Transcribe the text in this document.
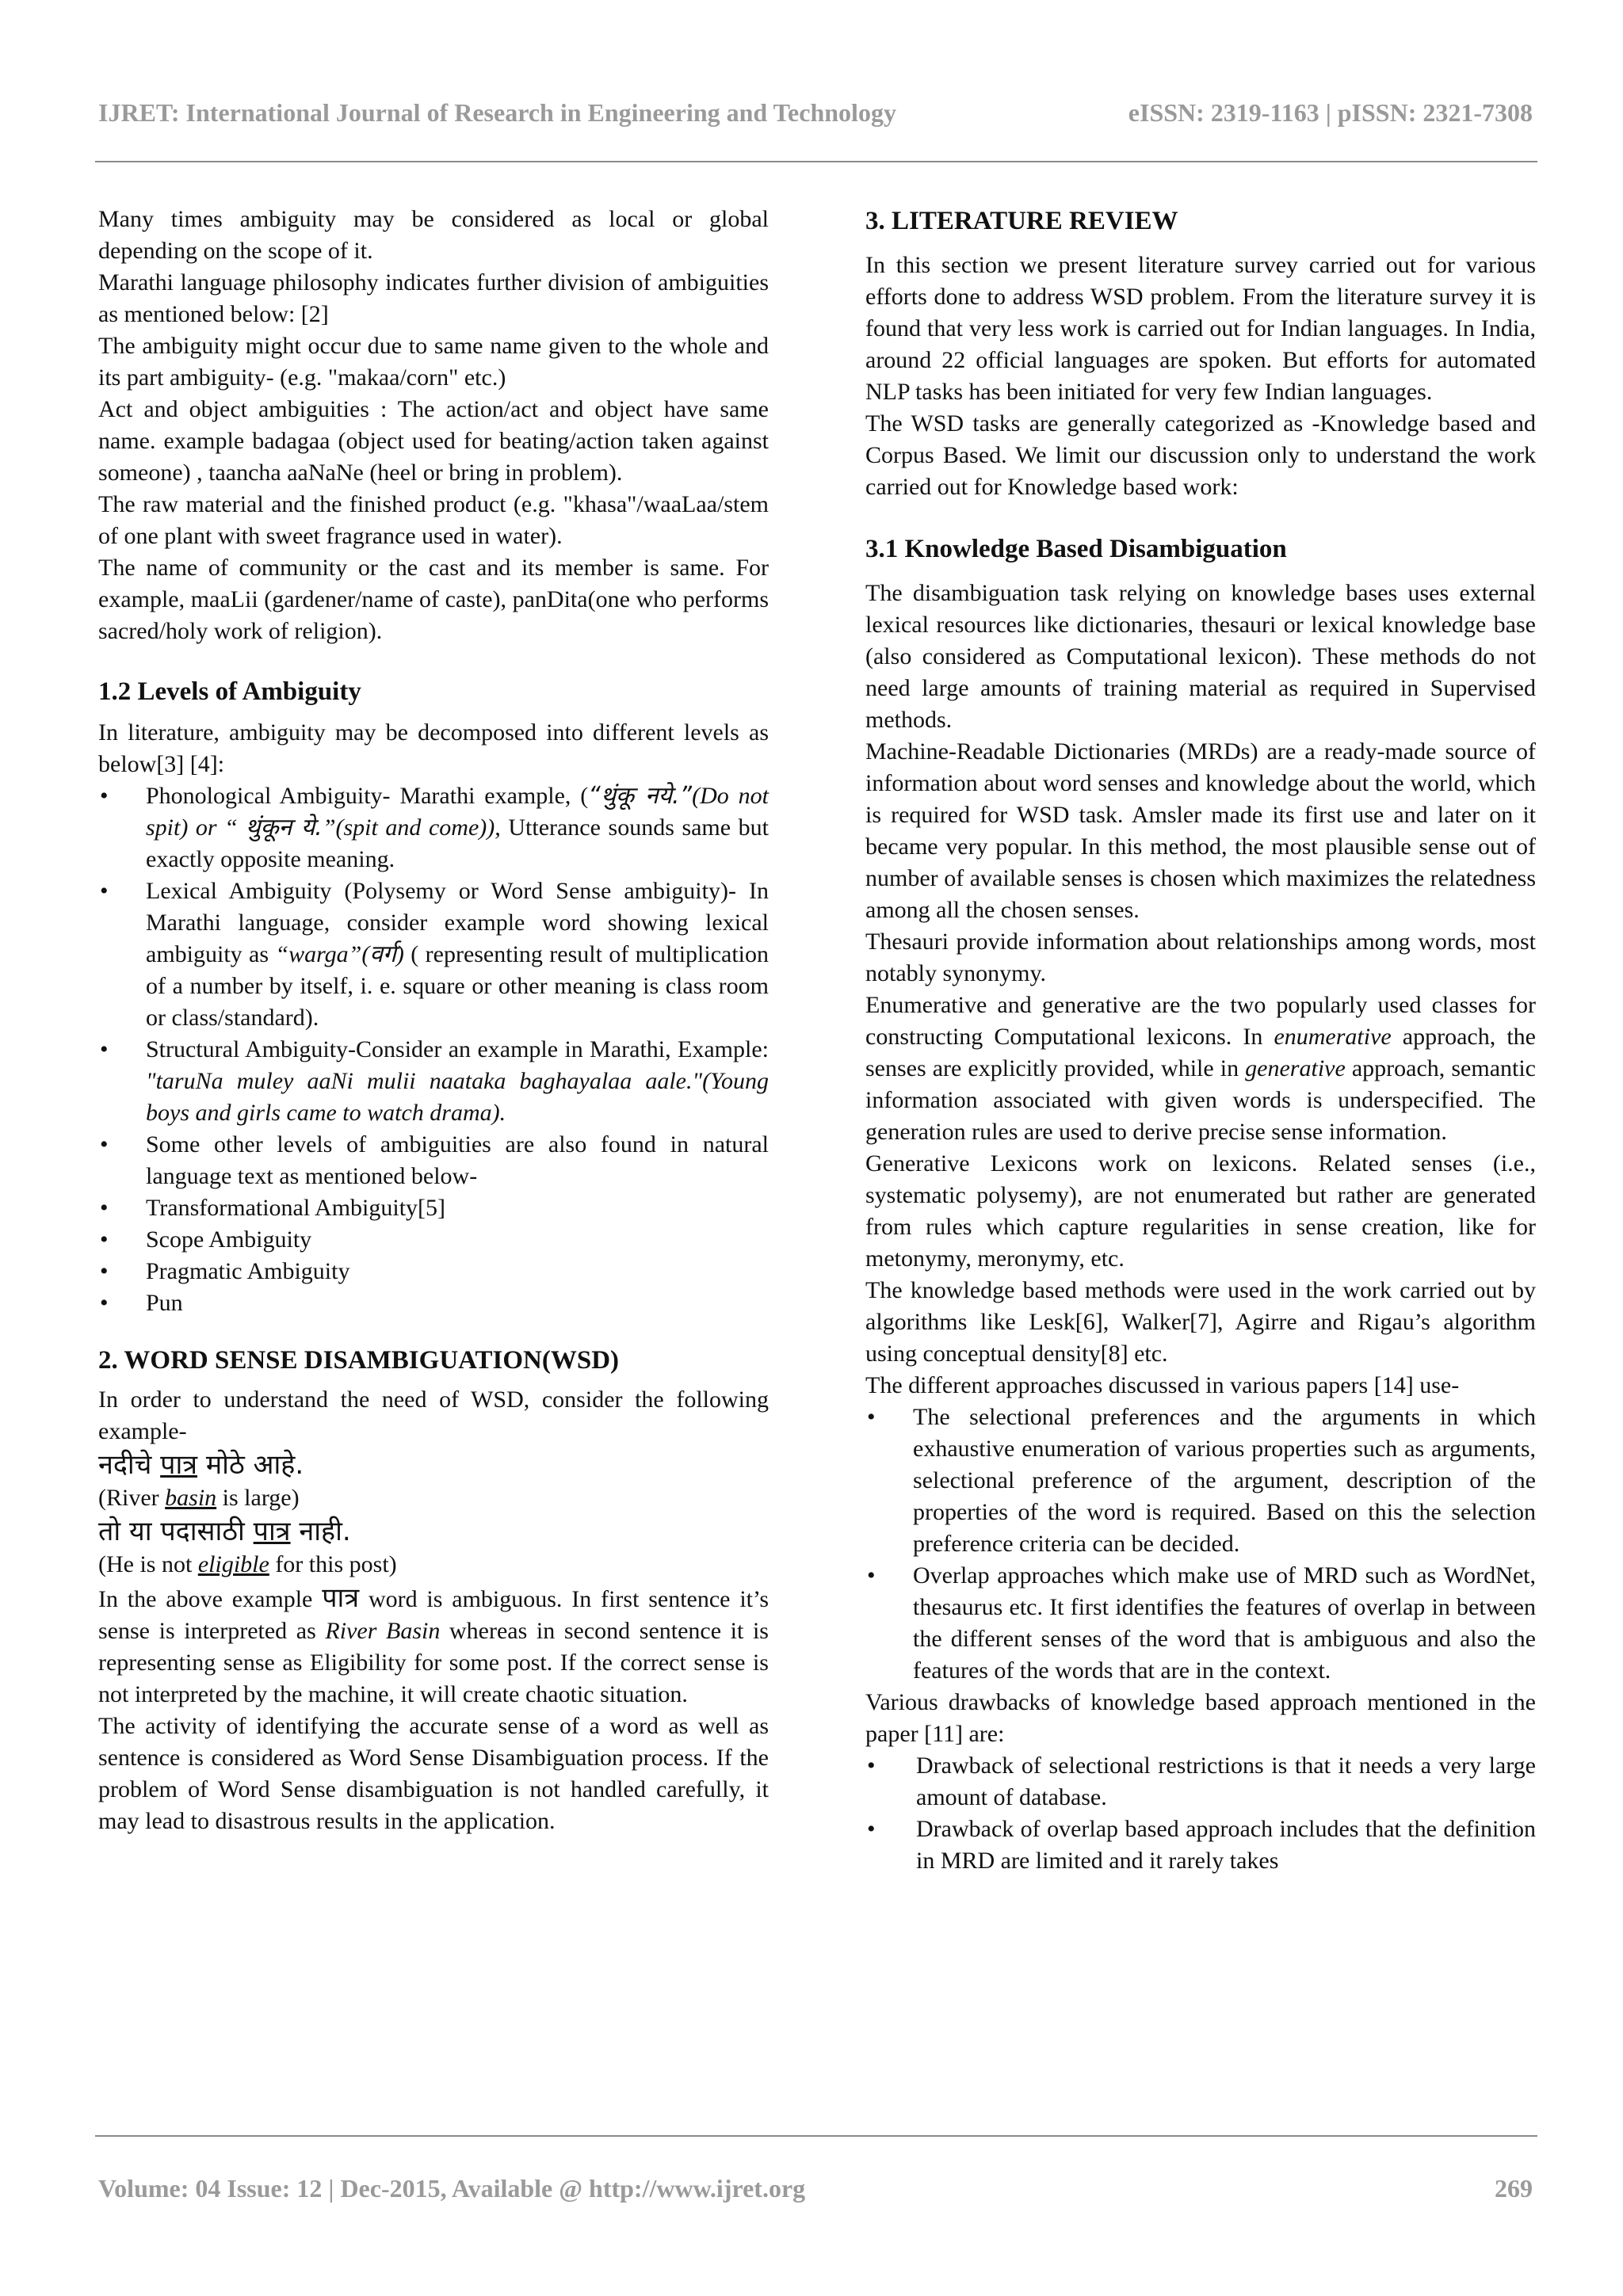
IJRET: International Journal of Research in Engineering and Technology	eISSN: 2319-1163 | pISSN: 2321-7308

Many times ambiguity may be considered as local or global depending on the scope of it.

Marathi language philosophy indicates further division of ambiguities as mentioned below: [2]

The ambiguity might occur due to same name given to the whole and its part ambiguity- (e.g. "makaa/corn" etc.)

Act and object ambiguities : The action/act and object have same name. example badagaa (object used for beating/action taken against someone) , taancha aaNaNe (heel or bring in problem).

The raw material and the finished product (e.g. "khasa"/waaLaa/stem of one plant with sweet fragrance used in water).

The name of community or the cast and its member is same. For example, maaLii (gardener/name of caste), panDita(one who performs sacred/holy work of religion).

1.2 Levels of Ambiguity

In literature, ambiguity may be decomposed into different levels as below[3] [4]:

• Phonological Ambiguity- Marathi example, (“थुंकू नये.”(Do not spit) or “ थुंकून ये.”(spit and come)), Utterance sounds same but exactly opposite meaning.
• Lexical Ambiguity (Polysemy or Word Sense ambiguity)- In Marathi language, consider example word showing lexical ambiguity as “warga”(वर्ग) ( representing result of multiplication of a number by itself, i. e. square or other meaning is class room or class/standard).
• Structural Ambiguity-Consider an example in Marathi, Example: "taruNa muley aaNi mulii naataka baghayalaa aale."(Young boys and girls came to watch drama).
• Some other levels of ambiguities are also found in natural language text as mentioned below-
• Transformational Ambiguity[5]
• Scope Ambiguity
• Pragmatic Ambiguity
• Pun
2. WORD SENSE DISAMBIGUATION(WSD)

In order to understand the need of WSD, consider the following example-

नदीचे पात्र मोठे आहे.

(River basin is large)

तो या पदासाठी पात्र नाही.

(He is not eligible for this post)

In the above example पात्र word is ambiguous. In first sentence it’s sense is interpreted as River Basin whereas in second sentence it is representing sense as Eligibility for some post. If the correct sense is not interpreted by the machine, it will create chaotic situation.

The activity of identifying the accurate sense of a word as well as sentence is considered as Word Sense Disambiguation process. If the problem of Word Sense disambiguation is not handled carefully, it may lead to disastrous results in the application.

3. LITERATURE REVIEW

In this section we present literature survey carried out for various efforts done to address WSD problem. From the literature survey it is found that very less work is carried out for Indian languages. In India, around 22 official languages are spoken. But efforts for automated NLP tasks has been initiated for very few Indian languages.

The WSD tasks are generally categorized as -Knowledge based and Corpus Based. We limit our discussion only to understand the work carried out for Knowledge based work:

3.1 Knowledge Based Disambiguation

The disambiguation task relying on knowledge bases uses external lexical resources like dictionaries, thesauri or lexical knowledge base (also considered as Computational lexicon). These methods do not need large amounts of training material as required in Supervised methods.

Machine-Readable Dictionaries (MRDs) are a ready-made source of information about word senses and knowledge about the world, which is required for WSD task. Amsler made its first use and later on it became very popular. In this method, the most plausible sense out of number of available senses is chosen which maximizes the relatedness among all the chosen senses.

Thesauri provide information about relationships among words, most notably synonymy.

Enumerative and generative are the two popularly used classes for constructing Computational lexicons. In enumerative approach, the senses are explicitly provided, while in generative approach, semantic information associated with given words is underspecified. The generation rules are used to derive precise sense information.

Generative Lexicons work on lexicons. Related senses (i.e., systematic polysemy), are not enumerated but rather are generated from rules which capture regularities in sense creation, like for metonymy, meronymy, etc.

The knowledge based methods were used in the work carried out by algorithms like Lesk[6], Walker[7], Agirre and Rigau’s algorithm using conceptual density[8] etc.

The different approaches discussed in various papers [14] use-

• The selectional preferences and the arguments in which exhaustive enumeration of various properties such as arguments, selectional preference of the argument, description of the properties of the word is required. Based on this the selection preference criteria can be decided.
• Overlap approaches which make use of MRD such as WordNet, thesaurus etc. It first identifies the features of overlap in between the different senses of the word that is ambiguous and also the features of the words that are in the context.

Various drawbacks of knowledge based approach mentioned in the paper [11] are:

• Drawback of selectional restrictions is that it needs a very large amount of database.
• Drawback of overlap based approach includes that the definition in MRD are limited and it rarely takes
Volume: 04 Issue: 12 | Dec-2015, Available @ http://www.ijret.org	269
